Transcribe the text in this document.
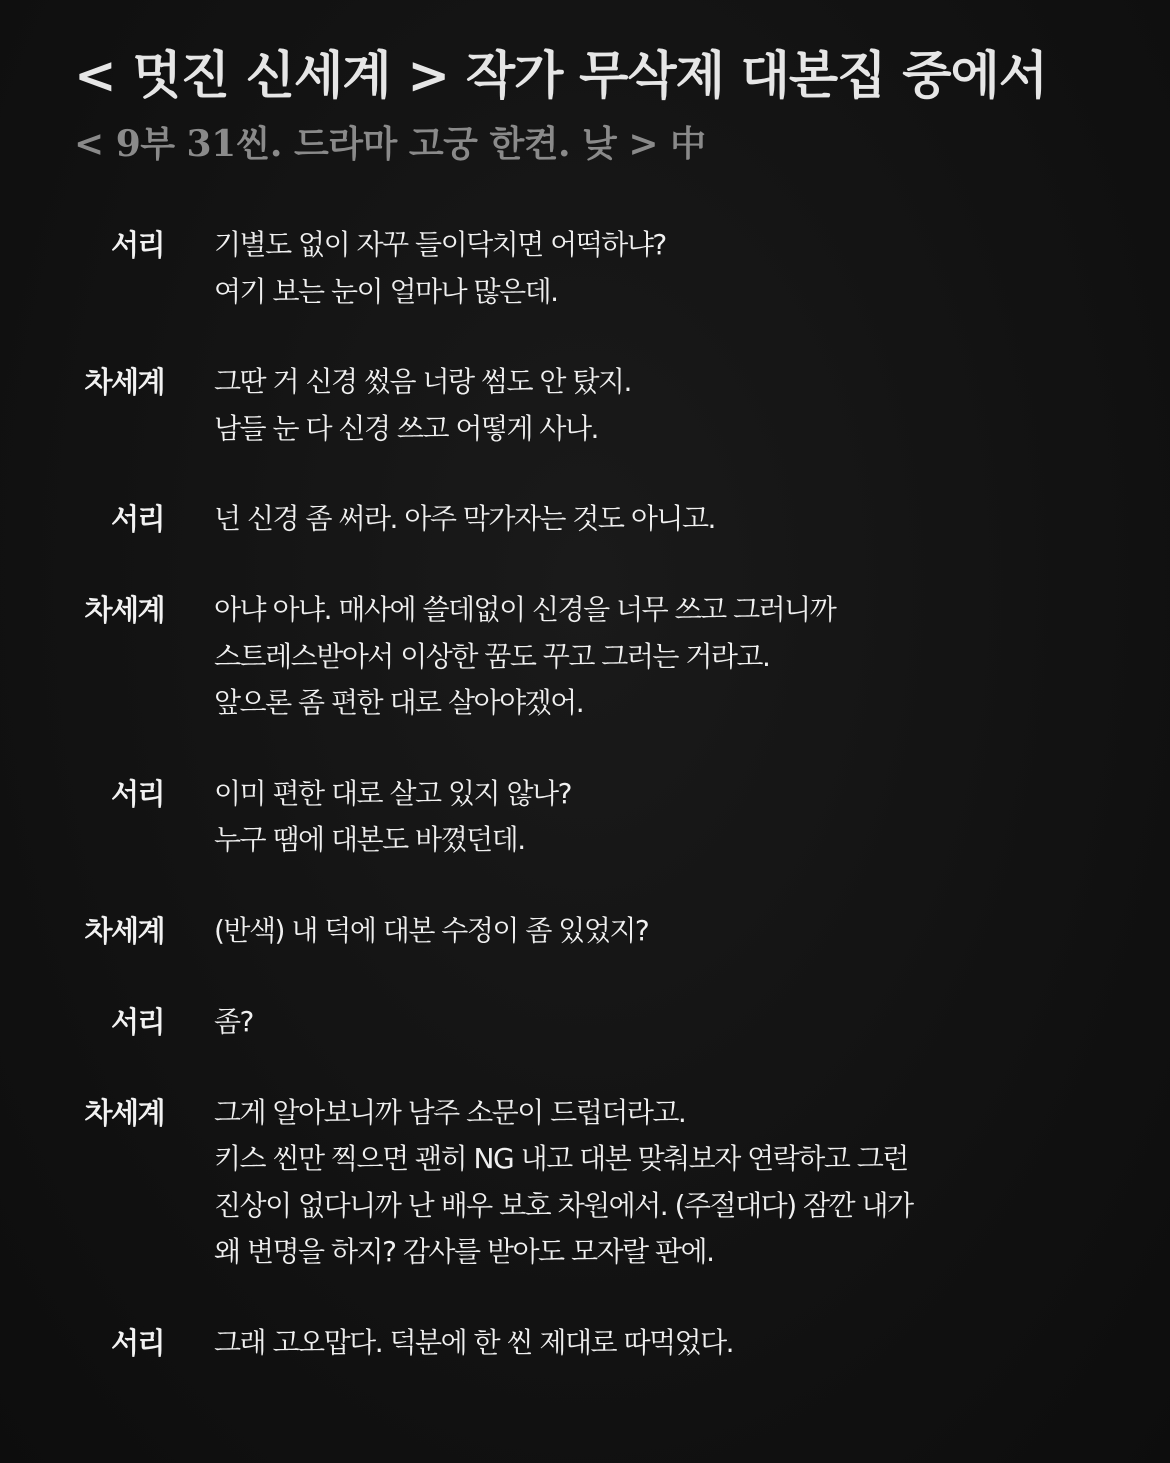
< 멋진 신세계 > 작가 무삭제 대본집 중에서
< 9부 31씬. 드라마 고궁 한켠. 낮 > 中
서리 기별도 없이 자꾸 들이닥치면 어떡하냐?
여기 보는 눈이 얼마나 많은데.
차세계 그딴 거 신경 썼음 너랑 썸도 안 탔지.
남들 눈 다 신경 쓰고 어떻게 사나.
서리 넌 신경 좀 써라. 아주 막가자는 것도 아니고.
차세계 아냐 아냐. 매사에 쓸데없이 신경을 너무 쓰고 그러니까
스트레스받아서 이상한 꿈도 꾸고 그러는 거라고.
앞으론 좀 편한 대로 살아야겠어.
서리 이미 편한 대로 살고 있지 않나?
누구 땜에 대본도 바꼈던데.
차세계 (반색) 내 덕에 대본 수정이 좀 있었지?
서리 좀?
차세계 그게 알아보니까 남주 소문이 드럽더라고.
키스 씬만 찍으면 괜히 NG 내고 대본 맞춰보자 연락하고 그런
진상이 없다니까 난 배우 보호 차원에서. (주절대다) 잠깐 내가
왜 변명을 하지? 감사를 받아도 모자랄 판에.
서리 그래 고오맙다. 덕분에 한 씬 제대로 따먹었다.
